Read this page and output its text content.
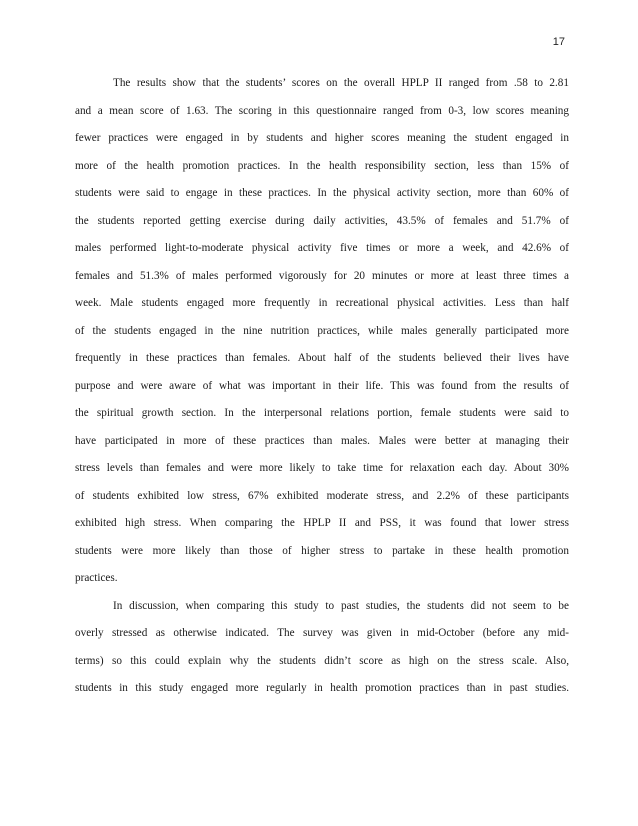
17
The results show that the students’ scores on the overall HPLP II ranged from .58 to 2.81
and a mean score of 1.63. The scoring in this questionnaire ranged from 0-3, low scores meaning
fewer practices were engaged in by students and higher scores meaning the student engaged in
more of the health promotion practices. In the health responsibility section, less than 15% of
students were said to engage in these practices. In the physical activity section, more than 60% of
the students reported getting exercise during daily activities, 43.5% of females and 51.7% of
males performed light-to-moderate physical activity five times or more a week, and 42.6% of
females and 51.3% of males performed vigorously for 20 minutes or more at least three times a
week. Male students engaged more frequently in recreational physical activities. Less than half
of the students engaged in the nine nutrition practices, while males generally participated more
frequently in these practices than females. About half of the students believed their lives have
purpose and were aware of what was important in their life. This was found from the results of
the spiritual growth section. In the interpersonal relations portion, female students were said to
have participated in more of these practices than males. Males were better at managing their
stress levels than females and were more likely to take time for relaxation each day. About 30%
of students exhibited low stress, 67% exhibited moderate stress, and 2.2% of these participants
exhibited high stress. When comparing the HPLP II and PSS, it was found that lower stress
students were more likely than those of higher stress to partake in these health promotion
practices.
In discussion, when comparing this study to past studies, the students did not seem to be
overly stressed as otherwise indicated. The survey was given in mid-October (before any mid-
terms) so this could explain why the students didn’t score as high on the stress scale. Also,
students in this study engaged more regularly in health promotion practices than in past studies.
